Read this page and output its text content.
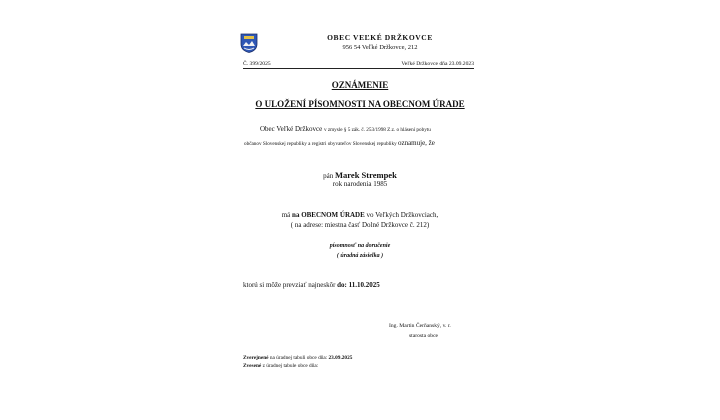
OBEC VEĽKÉ DRŽKOVCE
956 54 Veľké Držkovce, 212
Č. 399/2025	Veľké Držkovce dňa 23.09.2023
OZNÁMENIE
O ULOŽENÍ PÍSOMNOSTI NA OBECNOM ÚRADE
Obec Veľké Držkovce v zmysle § 5 zák. č. 253/1998 Z.z. o hlásení pobytu
občanov Slovenskej republiky a registri obyvateľov Slovenskej republiky oznamuje, že
pán Marek Strempek
rok narodenia 1985
má na OBECNOM ÚRADE vo Veľkých Držkovciach,
( na adrese: miestna časť Dolné Držkovce č. 212)
písomnosť na doručenie
( úradná zásielka )
ktorú si môže prevziať najneskôr do: 11.10.2025
Ing. Martin Čerňanský, v. r.
starosta obce
Zverejnené na úradnej tabuli obce dňa: 23.09.2025
Zvesené z úradnej tabule obce dňa:
